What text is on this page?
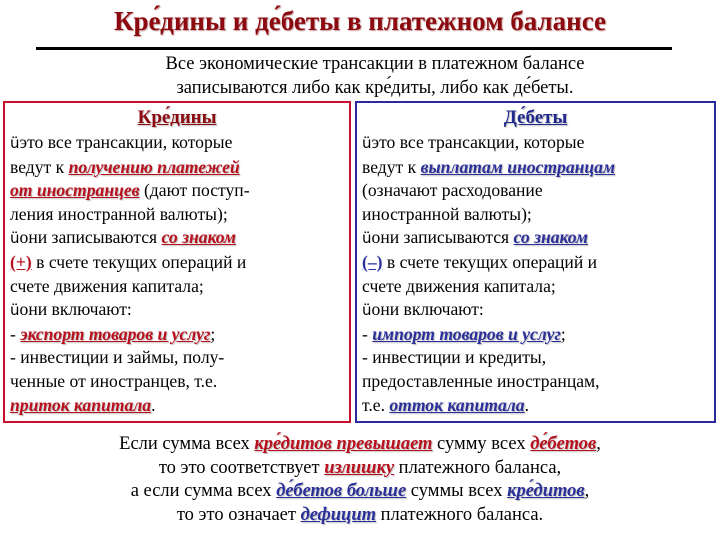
Кре́дины и де́беты в платежном балансе
Все экономические трансакции в платежном балансе
записываются либо как кре́диты, либо как де́беты.
Кре́дины
üэто все трансакции, которые
ведут к получению платежей
от иностранцев (дают поступ-
ления иностранной валюты);
üони записываются со знаком
(+) в счете текущих операций и
счете движения капитала;
üони включают:
- экспорт товаров и услуг;
- инвестиции и займы, полу-
ченные от иностранцев, т.е.
приток капитала.
Де́беты
üэто все трансакции, которые
ведут к выплатам иностранцам
(означают расходование
иностранной валюты);
üони записываются со знаком
(–) в счете текущих операций и
счете движения капитала;
üони включают:
- импорт товаров и услуг;
- инвестиции и кредиты,
предоставленные иностранцам,
т.е. отток капитала.
Если сумма всех кре́дитов превышает сумму всех де́бетов,
то это соответствует излишку платежного баланса,
а если сумма всех де́бетов больше суммы всех кре́дитов,
то это означает дефицит платежного баланса.
